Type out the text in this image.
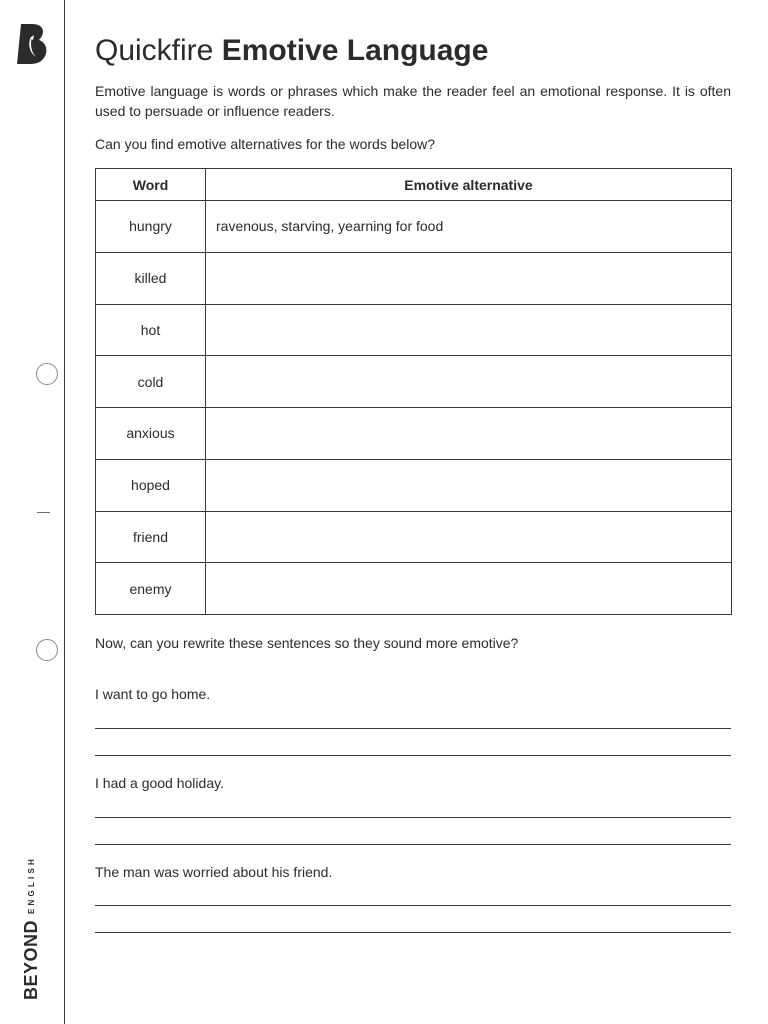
BEYOND
ENGLISH
Quickfire Emotive Language

Emotive language is words or phrases which make the reader feel an emotional response. It is often used to persuade or influence readers.

Can you find emotive alternatives for the words below?

Word	Emotive alternative
hungry	ravenous, starving, yearning for food
killed	
hot	
cold	
anxious	
hoped	
friend	
enemy	

Now, can you rewrite these sentences so they sound more emotive?

I want to go home.

I had a good holiday.

The man was worried about his friend.
